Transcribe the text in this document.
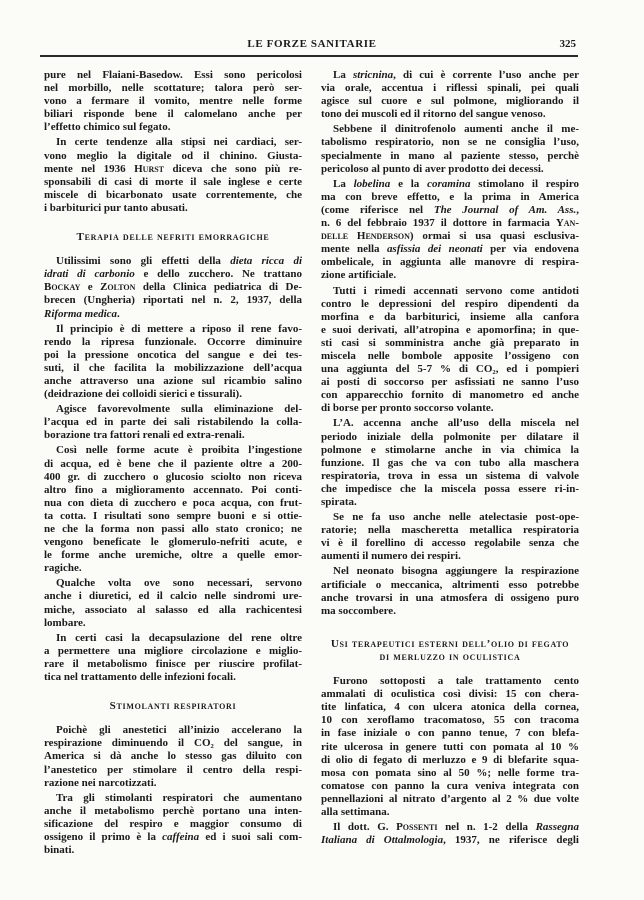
LE FORZE SANITARIE	325
pure nel Flaiani-Basedow. Essi sono pericolosi
nel morbillo, nelle scottature; talora però ser-
vono a fermare il vomito, mentre nelle forme
biliari risponde bene il calomelano anche per
l’effetto chimico sul fegato.
In certe tendenze alla stipsi nei cardiaci, ser-
vono meglio la digitale od il chinino. Giusta-
mente nel 1936 Hurst diceva che sono più re-
sponsabili di casi di morte il sale inglese e certe
miscele di bicarbonato usate correntemente, che
i barbiturici pur tanto abusati.
Terapia delle nefriti emorragiche
Utilissimi sono gli effetti della dieta ricca di
idrati di carbonio e dello zucchero. Ne trattano
Bockay e Zolton della Clinica pediatrica di De-
brecen (Ungheria) riportati nel n. 2, 1937, della
Riforma medica.
Il principio è di mettere a riposo il rene favo-
rendo la ripresa funzionale. Occorre diminuire
poi la pressione oncotica del sangue e dei tes-
suti, il che facilita la mobilizzazione dell’acqua
anche attraverso una azione sul ricambio salino
(deidrazione dei colloidi sierici e tissurali).
Agisce favorevolmente sulla eliminazione del-
l’acqua ed in parte dei sali ristabilendo la colla-
borazione tra fattori renali ed extra-renali.
Così nelle forme acute è proibita l’ingestione
di acqua, ed è bene che il paziente oltre a 200-
400 gr. di zucchero o glucosio sciolto non riceva
altro fino a miglioramento accennato. Poi conti-
nua con dieta di zucchero e poca acqua, con frut-
ta cotta. I risultati sono sempre buoni e si ottie-
ne che la forma non passi allo stato cronico; ne
vengono beneficate le glomerulo-nefriti acute, e
le forme anche uremiche, oltre a quelle emor-
ragiche.
Qualche volta ove sono necessari, servono
anche i diuretici, ed il calcio nelle sindromi ure-
miche, associato al salasso ed alla rachicentesi
lombare.
In certi casi la decapsulazione del rene oltre
a permettere una migliore circolazione e miglio-
rare il metabolismo finisce per riuscire profilat-
tica nel trattamento delle infezioni focali.
Stimolanti respiratori
Poichè gli anestetici all’inizio accelerano la
respirazione diminuendo il CO₂ del sangue, in
America si dà anche lo stesso gas diluito con
l’anestetico per stimolare il centro della respi-
razione nei narcotizzati.
Tra gli stimolanti respiratori che aumentano
anche il metabolismo perchè portano una inten-
sificazione del respiro e maggior consumo di
ossigeno il primo è la caffeina ed i suoi sali com-
binati.
La stricnina, di cui è corrente l’uso anche per
via orale, accentua i riflessi spinali, pei quali
agisce sul cuore e sul polmone, migliorando il
tono dei muscoli ed il ritorno del sangue venoso.
Sebbene il dinitrofenolo aumenti anche il me-
tabolismo respiratorio, non se ne consiglia l’uso,
specialmente in mano al paziente stesso, perchè
pericoloso al punto di aver prodotto dei decessi.
La lobelina e la coramina stimolano il respiro
ma con breve effetto, e la prima in America
(come riferisce nel The Journal of Am. Ass.,
n. 6 del febbraio 1937 il dottore in farmacia Yan-
delle Henderson) ormai si usa quasi esclusiva-
mente nella asfissia dei neonati per via endovena
ombelicale, in aggiunta alle manovre di respira-
zione artificiale.
Tutti i rimedi accennati servono come antidoti
contro le depressioni del respiro dipendenti da
morfina e da barbiturici, insieme alla canfora
e suoi derivati, all’atropina e apomorfina; in que-
sti casi si somministra anche già preparato in
miscela nelle bombole apposite l’ossigeno con
una aggiunta del 5-7 % di CO₂, ed i pompieri
ai posti di soccorso per asfissiati ne sanno l’uso
con apparecchio fornito di manometro ed anche
di borse per pronto soccorso volante.
L’A. accenna anche all’uso della miscela nel
periodo iniziale della polmonite per dilatare il
polmone e stimolarne anche in via chimica la
funzione. Il gas che va con tubo alla maschera
respiratoria, trova in essa un sistema di valvole
che impedisce che la miscela possa essere ri-in-
spirata.
Se ne fa uso anche nelle atelectasie post-ope-
ratorie; nella mascheretta metallica respiratoria
vi è il forellino di accesso regolabile senza che
aumenti il numero dei respiri.
Nel neonato bisogna aggiungere la respirazione
artificiale o meccanica, altrimenti esso potrebbe
anche trovarsi in una atmosfera di ossigeno puro
ma soccombere.
Usi terapeutici esterni dell’olio di fegato
di merluzzo in oculistica
Furono sottoposti a tale trattamento cento
ammalati di oculistica così divisi: 15 con chera-
tite linfatica, 4 con ulcera atonica della cornea,
10 con xeroflamo tracomatoso, 55 con tracoma
in fase iniziale o con panno tenue, 7 con blefa-
rite ulcerosa in genere tutti con pomata al 10 %
di olio di fegato di merluzzo e 9 di blefarite squa-
mosa con pomata sino al 50 %; nelle forme tra-
comatose con panno la cura veniva integrata con
pennellazioni al nitrato d’argento al 2 % due volte
alla settimana.
Il dott. G. Possenti nel n. 1-2 della Rassegna
Italiana di Ottalmologia, 1937, ne riferisce degli
